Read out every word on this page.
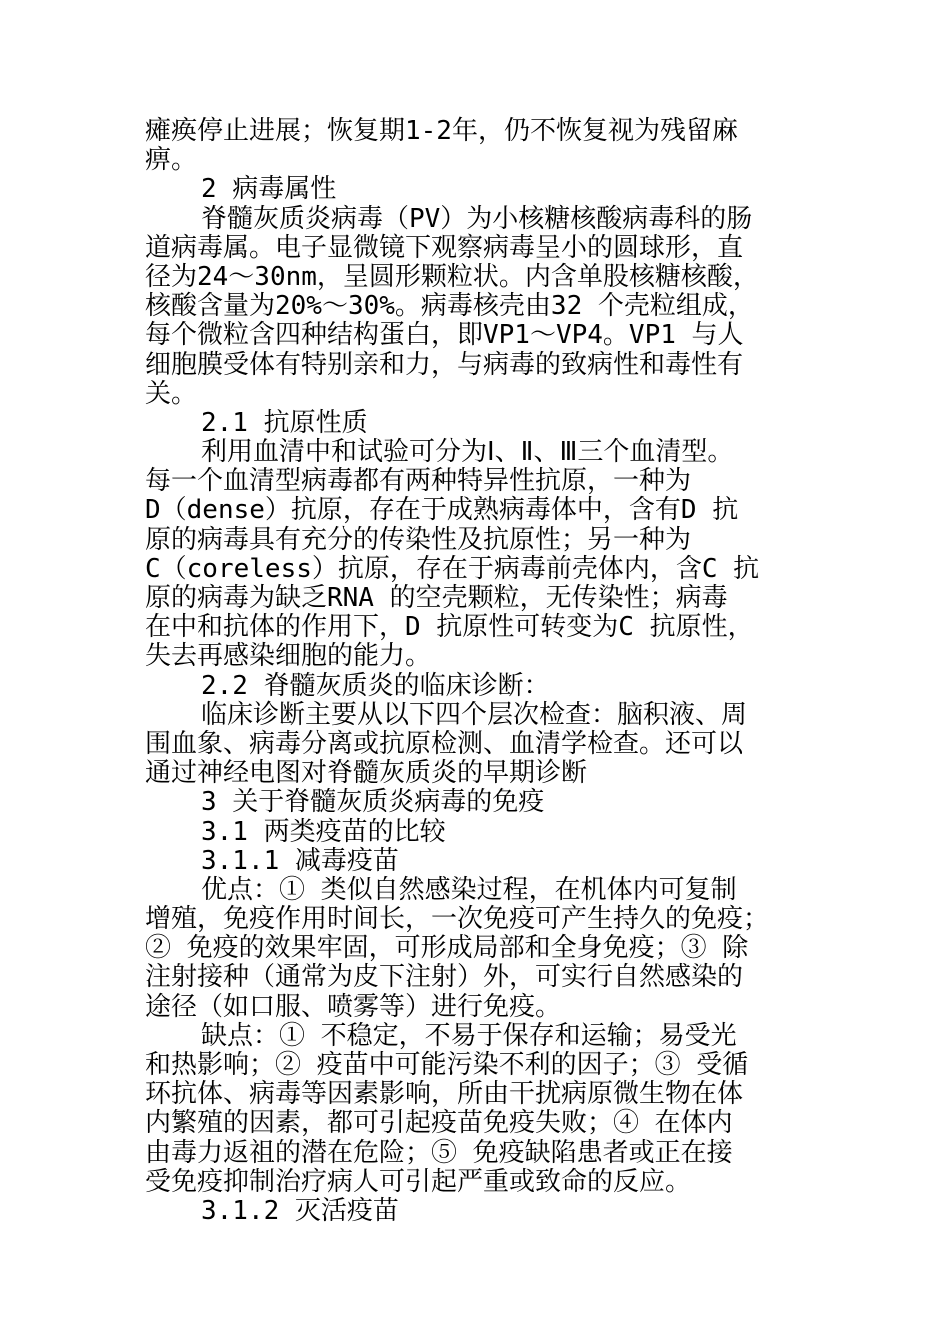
瘫痪停止进展；恢复期1-2年，仍不恢复视为残留麻
痹。
2 病毒属性
脊髓灰质炎病毒（PV）为小核糖核酸病毒科的肠
道病毒属。电子显微镜下观察病毒呈小的圆球形，直
径为24～30nm，呈圆形颗粒状。内含单股核糖核酸，
核酸含量为20%～30%。病毒核壳由32 个壳粒组成，
每个微粒含四种结构蛋白，即VP1～VP4。VP1 与人
细胞膜受体有特别亲和力，与病毒的致病性和毒性有
关。
2.1 抗原性质
利用血清中和试验可分为Ⅰ、Ⅱ、Ⅲ三个血清型。
每一个血清型病毒都有两种特异性抗原，一种为
D（dense）抗原，存在于成熟病毒体中，含有D 抗
原的病毒具有充分的传染性及抗原性；另一种为
C（coreless）抗原，存在于病毒前壳体内，含C 抗
原的病毒为缺乏RNA 的空壳颗粒，无传染性；病毒
在中和抗体的作用下，D 抗原性可转变为C 抗原性，
失去再感染细胞的能力。
2.2 脊髓灰质炎的临床诊断：
临床诊断主要从以下四个层次检查：脑积液、周
围血象、病毒分离或抗原检测、血清学检查。还可以
通过神经电图对脊髓灰质炎的早期诊断
3 关于脊髓灰质炎病毒的免疫
3.1 两类疫苗的比较
3.1.1 减毒疫苗
优点：① 类似自然感染过程，在机体内可复制
增殖，免疫作用时间长，一次免疫可产生持久的免疫；
② 免疫的效果牢固，可形成局部和全身免疫；③ 除
注射接种（通常为皮下注射）外，可实行自然感染的
途径（如口服、喷雾等）进行免疫。
缺点：① 不稳定，不易于保存和运输；易受光
和热影响；② 疫苗中可能污染不利的因子；③ 受循
环抗体、病毒等因素影响，所由干扰病原微生物在体
内繁殖的因素，都可引起疫苗免疫失败；④ 在体内
由毒力返祖的潜在危险；⑤ 免疫缺陷患者或正在接
受免疫抑制治疗病人可引起严重或致命的反应。
3.1.2 灭活疫苗
